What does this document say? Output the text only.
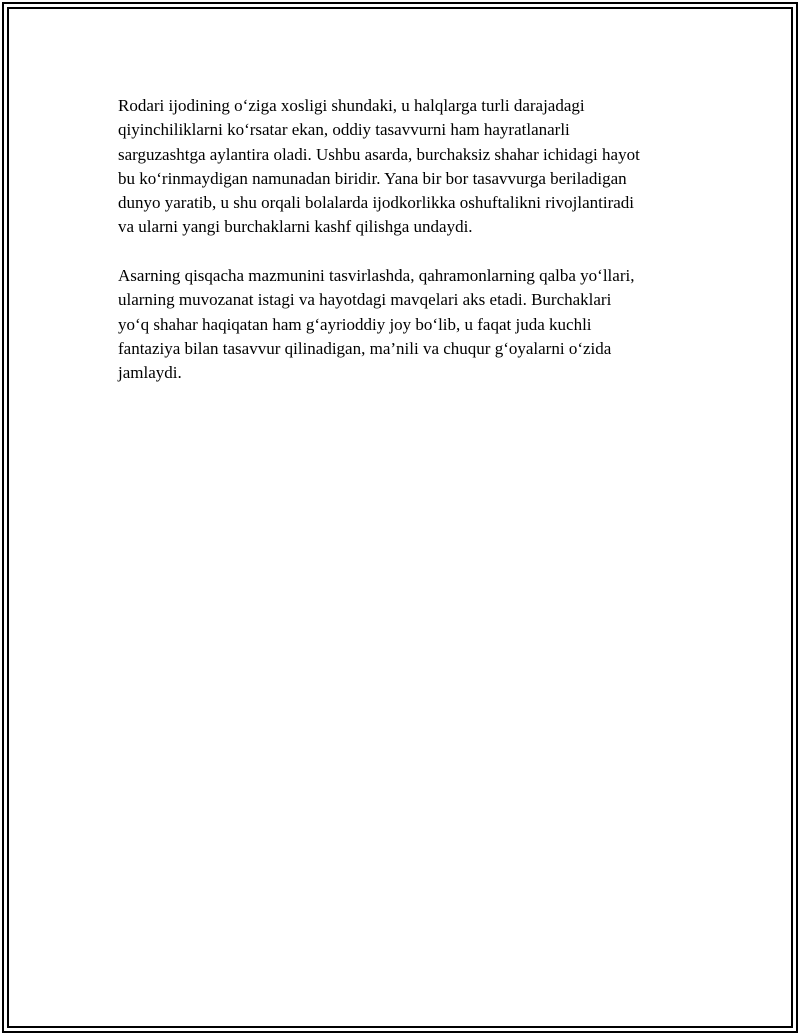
Rodari ijodining o‘ziga xosligi shundaki, u halqlarga turli darajadagi
qiyinchiliklarni ko‘rsatar ekan, oddiy tasavvurni ham hayratlanarli
sarguzashtga aylantira oladi. Ushbu asarda, burchaksiz shahar ichidagi hayot
bu ko‘rinmaydigan namunadan biridir. Yana bir bor tasavvurga beriladigan
dunyo yaratib, u shu orqali bolalarda ijodkorlikka oshuftalikni rivojlantiradi
va ularni yangi burchaklarni kashf qilishga undaydi.

Asarning qisqacha mazmunini tasvirlashda, qahramonlarning qalba yo‘llari,
ularning muvozanat istagi va hayotdagi mavqelari aks etadi. Burchaklari
yo‘q shahar haqiqatan ham g‘ayrioddiy joy bo‘lib, u faqat juda kuchli
fantaziya bilan tasavvur qilinadigan, ma’nili va chuqur g‘oyalarni o‘zida
jamlaydi.
